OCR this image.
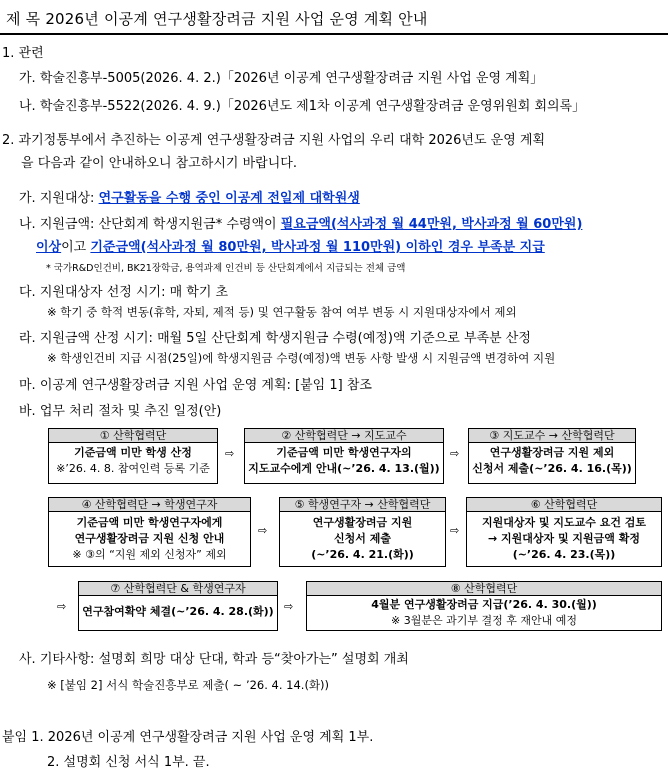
제 목 2026년 이공계 연구생활장려금 지원 사업 운영 계획 안내
1. 관련
가. 학술진흥부-5005(2026. 4. 2.)「2026년 이공계 연구생활장려금 지원 사업 운영 계획」
나. 학술진흥부-5522(2026. 4. 9.)「2026년도 제1차 이공계 연구생활장려금 운영위원회 회의록」
2. 과기정통부에서 추진하는 이공계 연구생활장려금 지원 사업의 우리 대학 2026년도 운영 계획
을 다음과 같이 안내하오니 참고하시기 바랍니다.
가. 지원대상: 연구활동을 수행 중인 이공계 전일제 대학원생
나. 지원금액: 산단회계 학생지원금* 수령액이 필요금액(석사과정 월 44만원, 박사과정 월 60만원)
이상이고 기준금액(석사과정 월 80만원, 박사과정 월 110만원) 이하인 경우 부족분 지급
* 국가R&D인건비, BK21장학금, 용역과제 인건비 등 산단회계에서 지급되는 전체 금액
다. 지원대상자 선정 시기: 매 학기 초
※ 학기 중 학적 변동(휴학, 자퇴, 제적 등) 및 연구활동 참여 여부 변동 시 지원대상자에서 제외
라. 지원금액 산정 시기: 매월 5일 산단회계 학생지원금 수령(예정)액 기준으로 부족분 산정
※ 학생인건비 지급 시점(25일)에 학생지원금 수령(예정)액 변동 사항 발생 시 지원금액 변경하여 지원
마. 이공계 연구생활장려금 지원 사업 운영 계획: [붙임 1] 참조
바. 업무 처리 절차 및 추진 일정(안)
① 산학협력단
기준금액 미만 학생 산정
※’26. 4. 8. 참여인력 등록 기준
⇨
② 산학협력단 → 지도교수
기준금액 미만 학생연구자의
지도교수에게 안내(~’26. 4. 13.(월))
⇨
③ 지도교수 → 산학협력단
연구생활장려금 지원 제외
신청서 제출(~’26. 4. 16.(목))
④ 산학협력단 → 학생연구자
기준금액 미만 학생연구자에게
연구생활장려금 지원 신청 안내
※ ③의 “지원 제외 신청자” 제외
⇨
⑤ 학생연구자 → 산학협력단
연구생활장려금 지원
신청서 제출
(~’26. 4. 21.(화))
⇨
⑥ 산학협력단
지원대상자 및 지도교수 요건 검토
→ 지원대상자 및 지원금액 확정
(~’26. 4. 23.(목))
⇨
⑦ 산학협력단 & 학생연구자
연구참여확약 체결(~’26. 4. 28.(화)) ⇨
⑧ 산학협력단
4월분 연구생활장려금 지급(’26. 4. 30.(월))
※ 3월분은 과기부 결정 후 재안내 예정
사. 기타사항: 설명회 희망 대상 단대, 학과 등“찾아가는” 설명회 개최
※ [붙임 2] 서식 학술진흥부로 제출( ~ ’26. 4. 14.(화))
붙임 1. 2026년 이공계 연구생활장려금 지원 사업 운영 계획 1부.
2. 설명회 신청 서식 1부. 끝.
